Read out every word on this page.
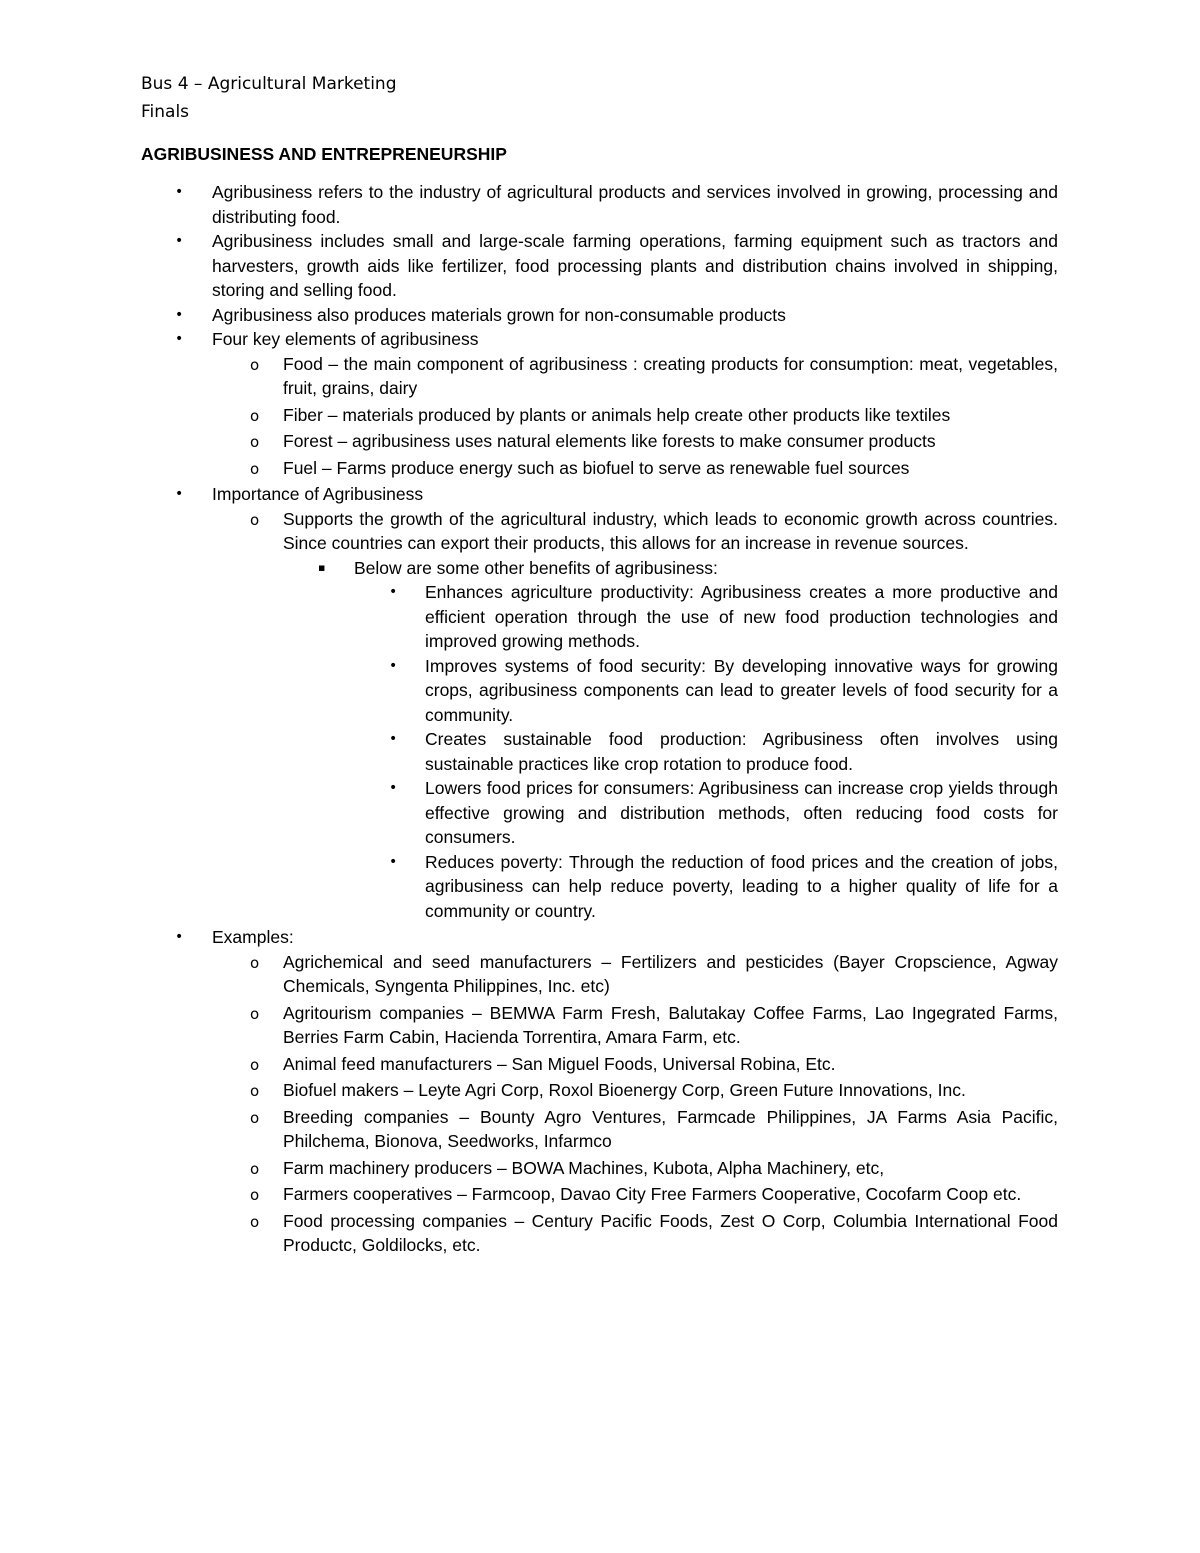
Bus 4 – Agricultural Marketing
Finals
AGRIBUSINESS AND ENTREPRENEURSHIP
• Agribusiness refers to the industry of agricultural products and services involved in growing, processing and distributing food.
• Agribusiness includes small and large-scale farming operations, farming equipment such as tractors and harvesters, growth aids like fertilizer, food processing plants and distribution chains involved in shipping, storing and selling food.
• Agribusiness also produces materials grown for non-consumable products
• Four key elements of agribusiness
o Food – the main component of agribusiness : creating products for consumption: meat, vegetables, fruit, grains, dairy
o Fiber – materials produced by plants or animals help create other products like textiles
o Forest – agribusiness uses natural elements like forests to make consumer products
o Fuel – Farms produce energy such as biofuel to serve as renewable fuel sources
• Importance of Agribusiness
o Supports the growth of the agricultural industry, which leads to economic growth across countries. Since countries can export their products, this allows for an increase in revenue sources.
▪ Below are some other benefits of agribusiness:
• Enhances agriculture productivity: Agribusiness creates a more productive and efficient operation through the use of new food production technologies and improved growing methods.
• Improves systems of food security: By developing innovative ways for growing crops, agribusiness components can lead to greater levels of food security for a community.
• Creates sustainable food production: Agribusiness often involves using sustainable practices like crop rotation to produce food.
• Lowers food prices for consumers: Agribusiness can increase crop yields through effective growing and distribution methods, often reducing food costs for consumers.
• Reduces poverty: Through the reduction of food prices and the creation of jobs, agribusiness can help reduce poverty, leading to a higher quality of life for a community or country.
• Examples:
o Agrichemical and seed manufacturers – Fertilizers and pesticides (Bayer Cropscience, Agway Chemicals, Syngenta Philippines, Inc. etc)
o Agritourism companies – BEMWA Farm Fresh, Balutakay Coffee Farms, Lao Ingegrated Farms, Berries Farm Cabin, Hacienda Torrentira, Amara Farm, etc.
o Animal feed manufacturers – San Miguel Foods, Universal Robina, Etc.
o Biofuel makers – Leyte Agri Corp, Roxol Bioenergy Corp, Green Future Innovations, Inc.
o Breeding companies – Bounty Agro Ventures, Farmcade Philippines, JA Farms Asia Pacific, Philchema, Bionova, Seedworks, Infarmco
o Farm machinery producers – BOWA Machines, Kubota, Alpha Machinery, etc,
o Farmers cooperatives – Farmcoop, Davao City Free Farmers Cooperative, Cocofarm Coop etc.
o Food processing companies – Century Pacific Foods, Zest O Corp, Columbia International Food Productc, Goldilocks, etc.
